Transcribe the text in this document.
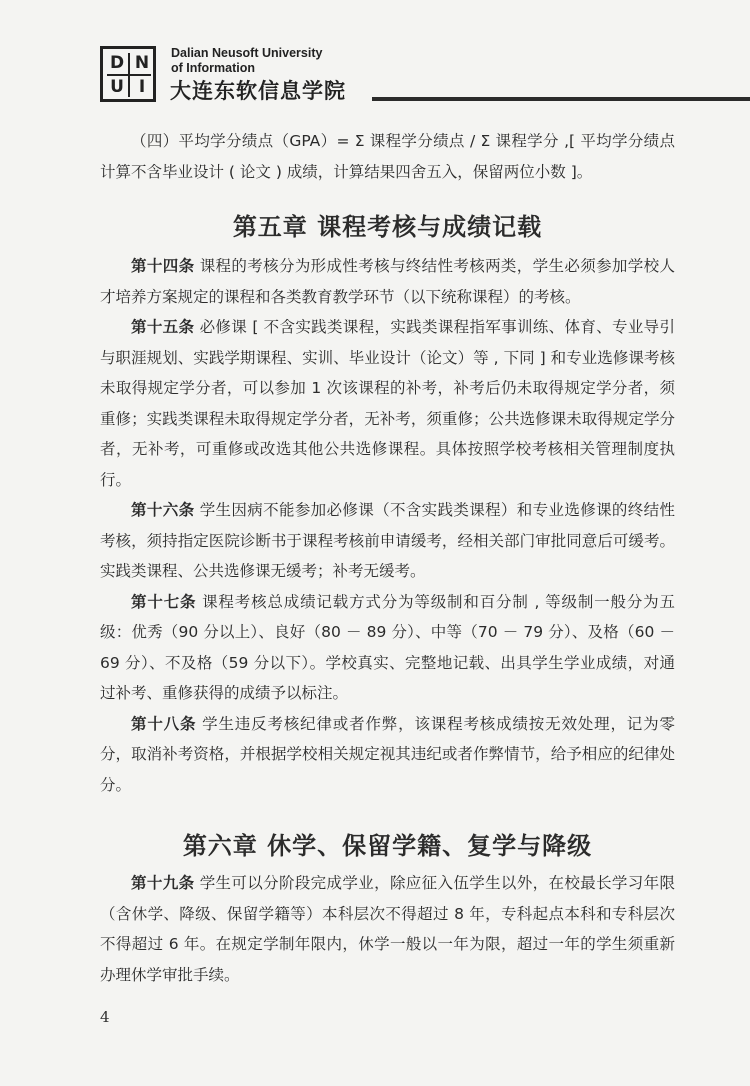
D N
U I
Dalian Neusoft University
of Information
大连东软信息学院

（四）平均学分绩点（GPA）= Σ 课程学分绩点 / Σ 课程学分 ,[ 平均学分绩点计算不含毕业设计 ( 论文 ) 成绩，计算结果四舍五入，保留两位小数 ]。

第五章 课程考核与成绩记载

第十四条 课程的考核分为形成性考核与终结性考核两类，学生必须参加学校人才培养方案规定的课程和各类教育教学环节（以下统称课程）的考核。

第十五条 必修课 [ 不含实践类课程，实践类课程指军事训练、体育、专业导引与职涯规划、实践学期课程、实训、毕业设计（论文）等 , 下同 ] 和专业选修课考核未取得规定学分者，可以参加 1 次该课程的补考，补考后仍未取得规定学分者，须重修；实践类课程未取得规定学分者，无补考，须重修；公共选修课未取得规定学分者，无补考，可重修或改选其他公共选修课程。具体按照学校考核相关管理制度执行。

第十六条 学生因病不能参加必修课（不含实践类课程）和专业选修课的终结性考核，须持指定医院诊断书于课程考核前申请缓考，经相关部门审批同意后可缓考。实践类课程、公共选修课无缓考；补考无缓考。

第十七条 课程考核总成绩记载方式分为等级制和百分制 , 等级制一般分为五级：优秀（90 分以上）、良好（80 － 89 分）、中等（70 － 79 分）、及格（60 － 69 分）、不及格（59 分以下）。学校真实、完整地记载、出具学生学业成绩，对通过补考、重修获得的成绩予以标注。

第十八条 学生违反考核纪律或者作弊，该课程考核成绩按无效处理，记为零分，取消补考资格，并根据学校相关规定视其违纪或者作弊情节，给予相应的纪律处分。

第六章 休学、保留学籍、复学与降级

第十九条 学生可以分阶段完成学业，除应征入伍学生以外，在校最长学习年限（含休学、降级、保留学籍等）本科层次不得超过 8 年，专科起点本科和专科层次不得超过 6 年。在规定学制年限内，休学一般以一年为限，超过一年的学生须重新办理休学审批手续。

4
